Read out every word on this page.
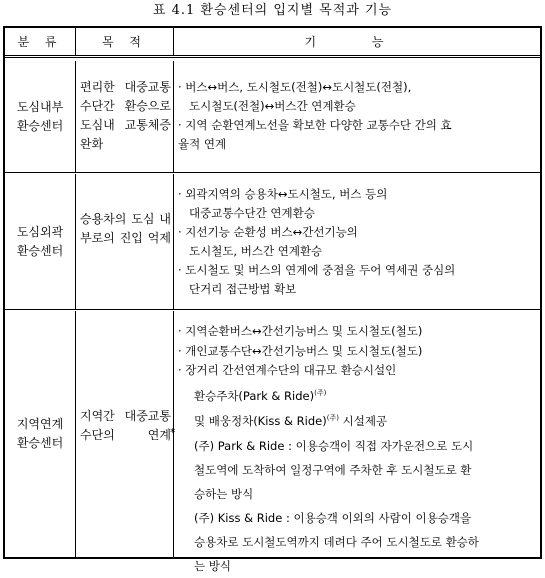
표 4.1 환승센터의 입지별 목적과 기능
분 류	목 적	기 능
도심내부
환승센터
편리한 대중교통수단간 환승으로 도심내 교통체증 완화
· 버스↔버스, 도시철도(전철)↔도시철도(전철),
도시철도(전철)↔버스간 연계환승
· 지역 순환연계노선을 확보한 다양한 교통수단 간의 효
율적 연계
도심외곽
환승센터
승용차의 도심 내부로의 진입 억제
· 외곽지역의 승용차↔도시철도, 버스 등의
대중교통수단간 연계환승
· 지선기능 순환성 버스↔간선기능의
도시철도, 버스간 연계환승
· 도시철도 및 버스의 연계에 중점을 두어 역세권 중심의
단거리 접근방법 확보
지역연계
환승센터
지역간 대중교통수단의 연계
· 지역순환버스↔간선기능버스 및 도시철도(철도)
· 개인교통수단↔간선기능버스 및 도시철도(철도)
· 장거리 간선연계수단의 대규모 환승시설인
환승주차(Park & Ride)$^{(주)}$
및 배웅정차(Kiss & Ride)$^{(주)}$ 시설제공
(주) Park & Ride : 이용승객이 직접 자가운전으로 도시
철도역에 도착하여 일정구역에 주차한 후 도시철도로 환
승하는 방식
(주) Kiss & Ride : 이용승객 이외의 사람이 이용승객을
승용차로 도시철도역까지 데려다 주어 도시철도로 환승하
는 방식
*
